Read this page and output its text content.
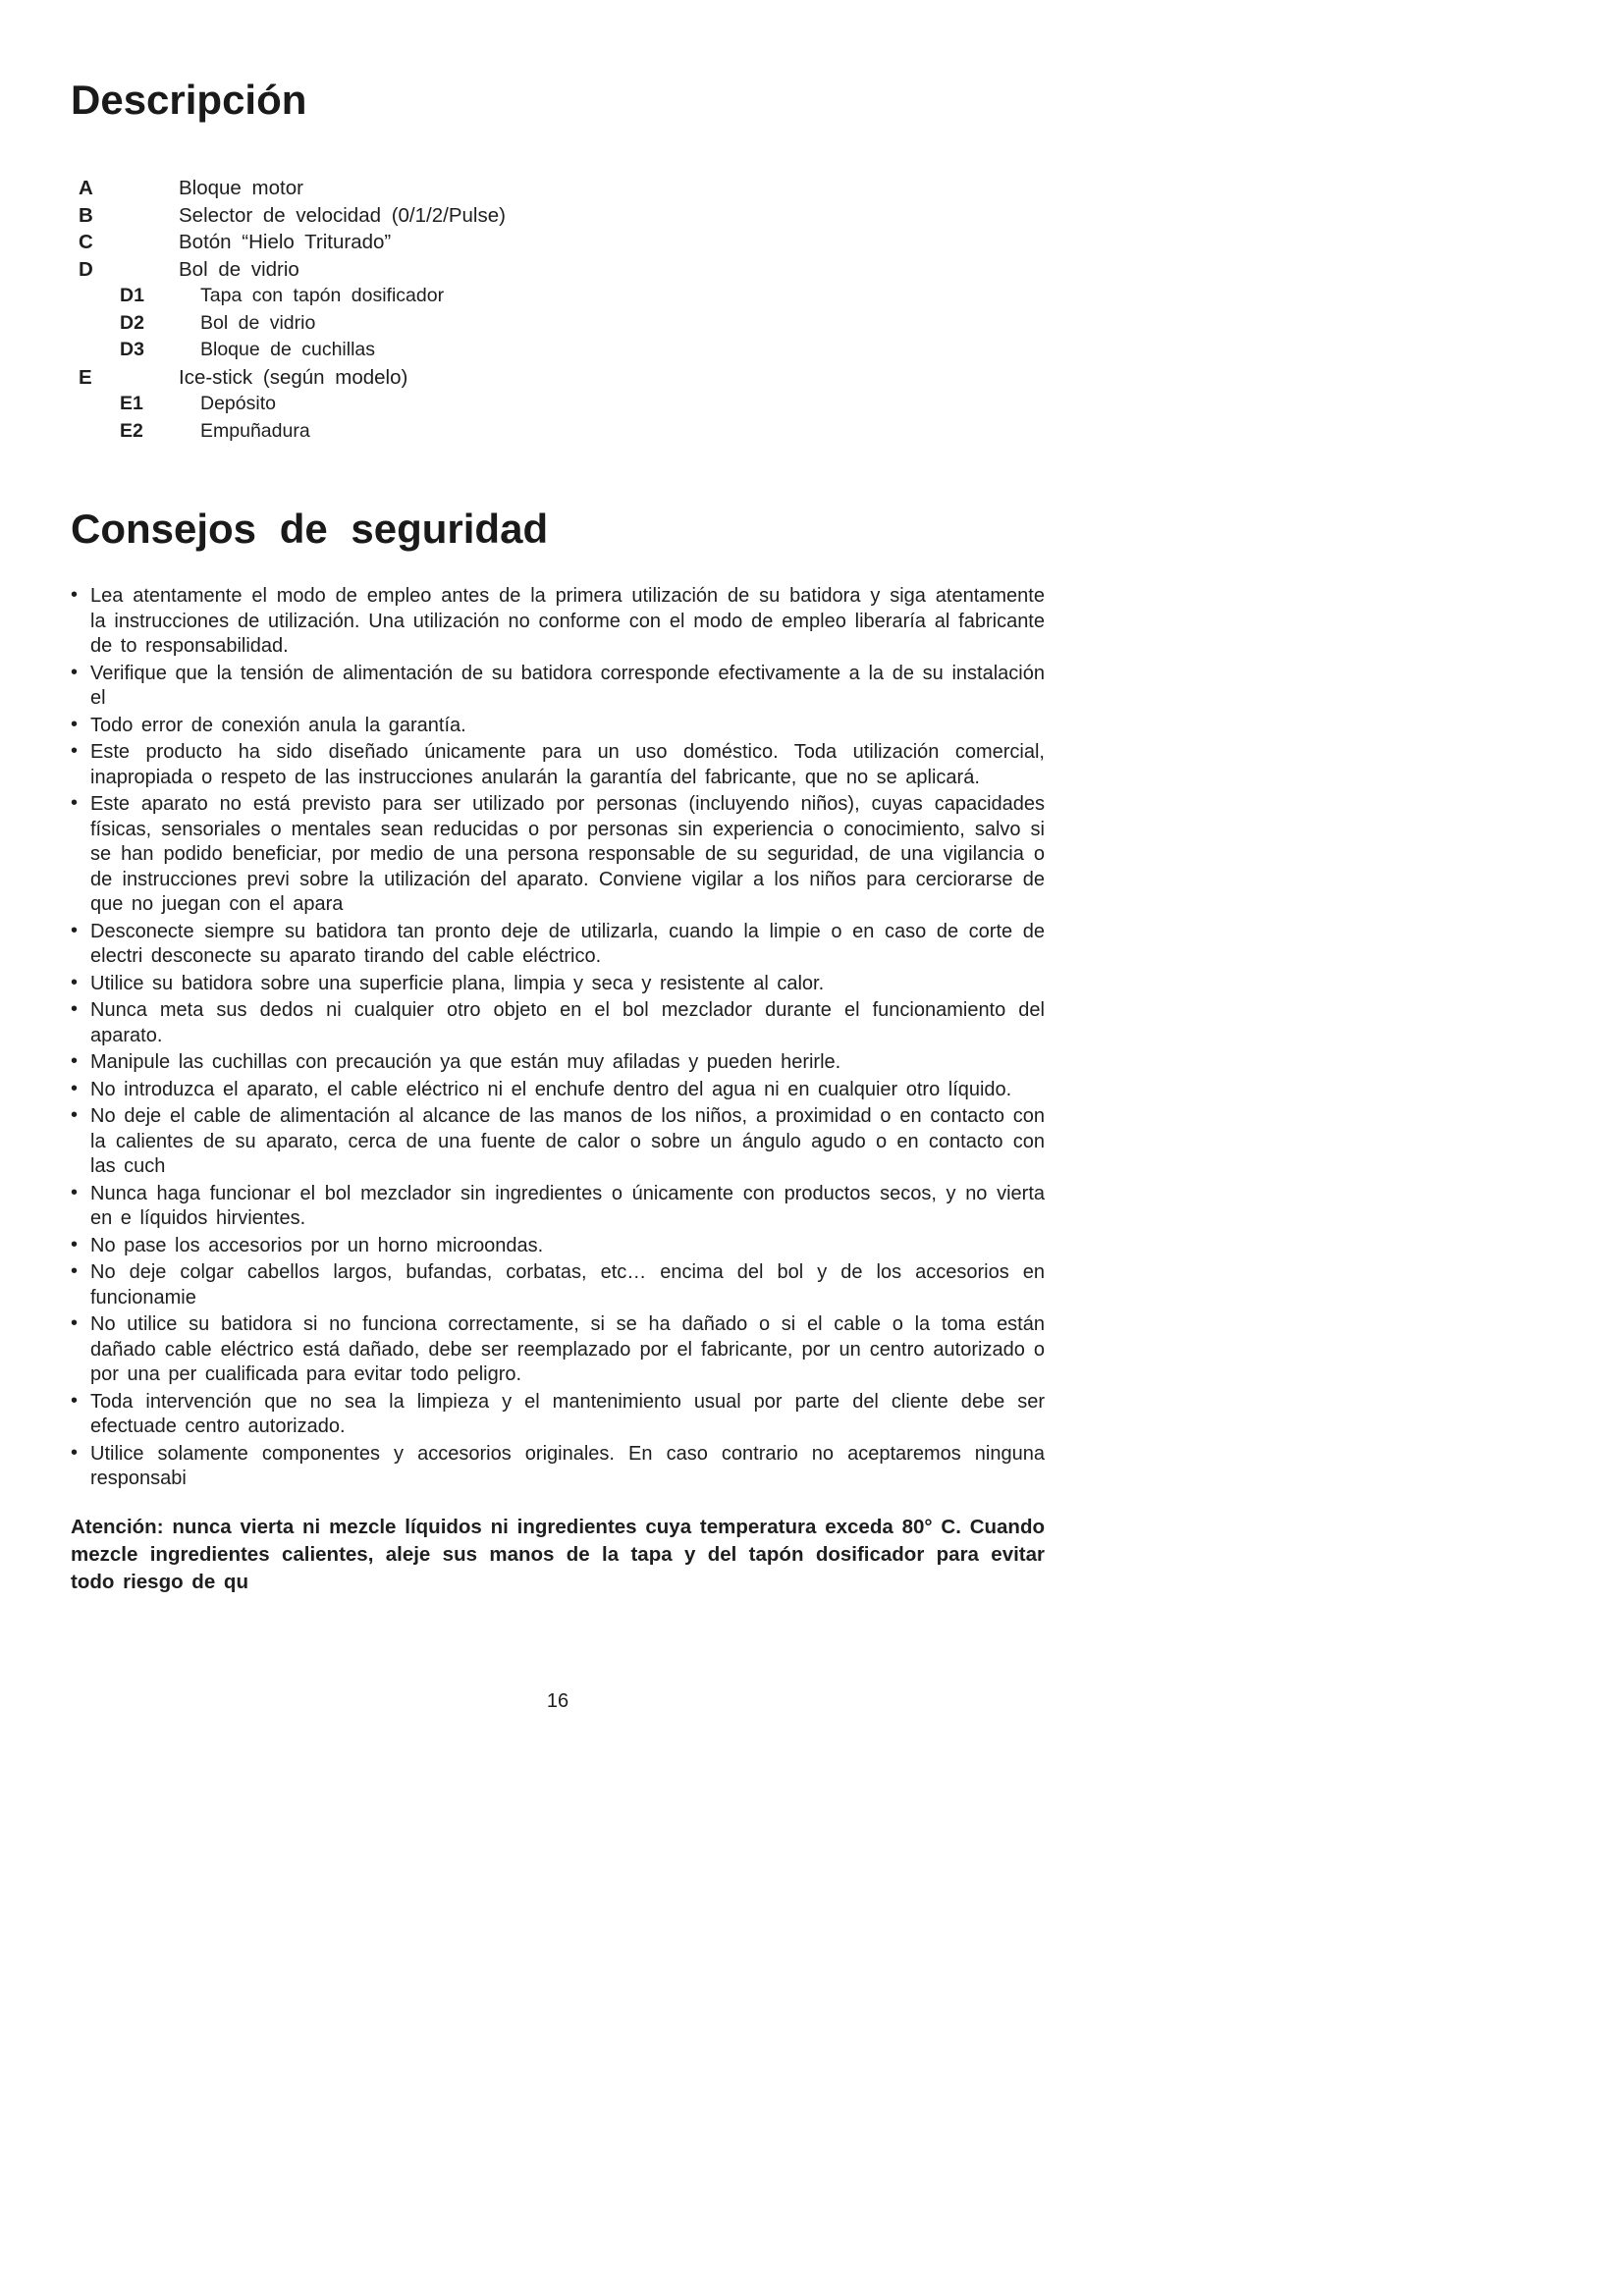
Descripción
A	Bloque motor
B	Selector de velocidad (0/1/2/Pulse)
C	Botón “Hielo Triturado”
D	Bol de vidrio
D1	Tapa con tapón dosificador
D2	Bol de vidrio
D3	Bloque de cuchillas
E	Ice-stick (según modelo)
E1	Depósito
E2	Empuñadura
Consejos de seguridad
• Lea atentamente el modo de empleo antes de la primera utilización de su batidora y siga atentamente la instrucciones de utilización. Una utilización no conforme con el modo de empleo liberaría al fabricante de to responsabilidad.
• Verifique que la tensión de alimentación de su batidora corresponde efectivamente a la de su instalación el
• Todo error de conexión anula la garantía.
• Este producto ha sido diseñado únicamente para un uso doméstico. Toda utilización comercial, inapropiada o respeto de las instrucciones anularán la garantía del fabricante, que no se aplicará.
• Este aparato no está previsto para ser utilizado por personas (incluyendo niños), cuyas capacidades físicas, sensoriales o mentales sean reducidas o por personas sin experiencia o conocimiento, salvo si se han podido beneficiar, por medio de una persona responsable de su seguridad, de una vigilancia o de instrucciones previ sobre la utilización del aparato. Conviene vigilar a los niños para cerciorarse de que no juegan con el apara
• Desconecte siempre su batidora tan pronto deje de utilizarla, cuando la limpie o en caso de corte de electri desconecte su aparato tirando del cable eléctrico.
• Utilice su batidora sobre una superficie plana, limpia y seca y resistente al calor.
• Nunca meta sus dedos ni cualquier otro objeto en el bol mezclador durante el funcionamiento del aparato.
• Manipule las cuchillas con precaución ya que están muy afiladas y pueden herirle.
• No introduzca el aparato, el cable eléctrico ni el enchufe dentro del agua ni en cualquier otro líquido.
• No deje el cable de alimentación al alcance de las manos de los niños, a proximidad o en contacto con la calientes de su aparato, cerca de una fuente de calor o sobre un ángulo agudo o en contacto con las cuch
• Nunca haga funcionar el bol mezclador sin ingredientes o únicamente con productos secos, y no vierta en e líquidos hirvientes.
• No pase los accesorios por un horno microondas.
• No deje colgar cabellos largos, bufandas, corbatas, etc… encima del bol y de los accesorios en funcionamie
• No utilice su batidora si no funciona correctamente, si se ha dañado o si el cable o la toma están dañado cable eléctrico está dañado, debe ser reemplazado por el fabricante, por un centro autorizado o por una per cualificada para evitar todo peligro.
• Toda intervención que no sea la limpieza y el mantenimiento usual por parte del cliente debe ser efectuade centro autorizado.
• Utilice solamente componentes y accesorios originales. En caso contrario no aceptaremos ninguna responsabi

Atención: nunca vierta ni mezcle líquidos ni ingredientes cuya temperatura exceda 80° C. Cuando mezcle ingredientes calientes, aleje sus manos de la tapa y del tapón dosificador para evitar todo riesgo de qu

16
